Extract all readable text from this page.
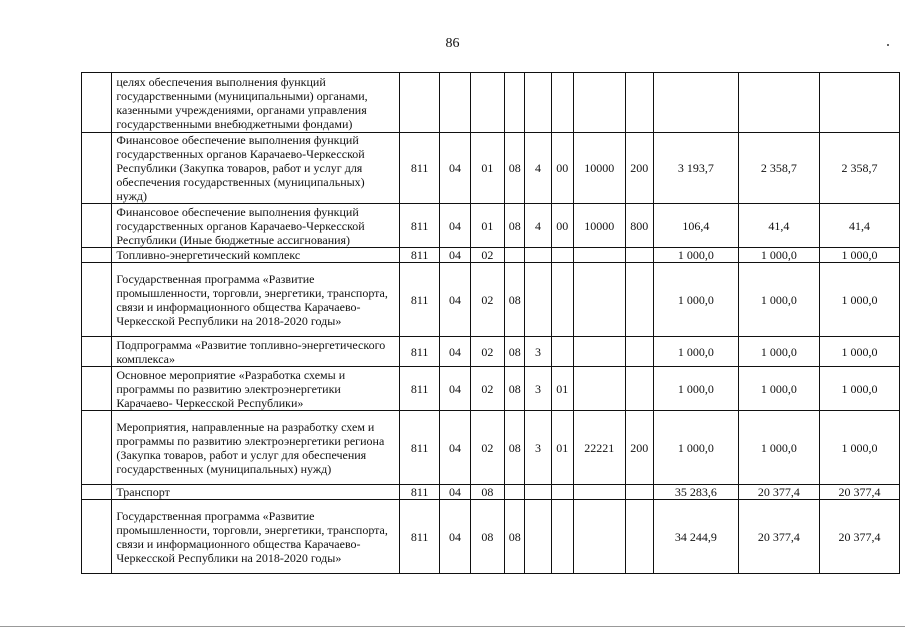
86
	целях обеспечения выполнения функций государственными (муниципальными) органами, казенными учреждениями, органами управления государственными внебюджетными фондами)											
	Финансовое обеспечение выполнения функций государственных органов Карачаево-Черкесской Республики (Закупка товаров, работ и услуг для обеспечения государственных (муниципальных) нужд)	811	04	01	08	4	00	10000	200	3 193,7	2 358,7	2 358,7
	Финансовое обеспечение выполнения функций государственных органов Карачаево-Черкесской Республики (Иные бюджетные ассигнования)	811	04	01	08	4	00	10000	800	106,4	41,4	41,4
	Топливно-энергетический комплекс	811	04	02						1 000,0	1 000,0	1 000,0
	Государственная программа «Развитие промышленности, торговли, энергетики, транспорта, связи и информационного общества Карачаево-Черкесской Республики на 2018-2020 годы»	811	04	02	08					1 000,0	1 000,0	1 000,0
	Подпрограмма «Развитие топливно-энергетического комплекса»	811	04	02	08	3				1 000,0	1 000,0	1 000,0
	Основное мероприятие «Разработка схемы и программы по развитию электроэнергетики Карачаево- Черкесской Республики»	811	04	02	08	3	01			1 000,0	1 000,0	1 000,0
	Мероприятия, направленные на разработку схем и программы по развитию электроэнергетики региона (Закупка товаров, работ и услуг для обеспечения государственных (муниципальных) нужд)	811	04	02	08	3	01	22221	200	1 000,0	1 000,0	1 000,0
	Транспорт	811	04	08						35 283,6	20 377,4	20 377,4
	Государственная программа «Развитие промышленности, торговли, энергетики, транспорта, связи и информационного общества Карачаево-Черкесской Республики на 2018-2020 годы»	811	04	08	08					34 244,9	20 377,4	20 377,4
